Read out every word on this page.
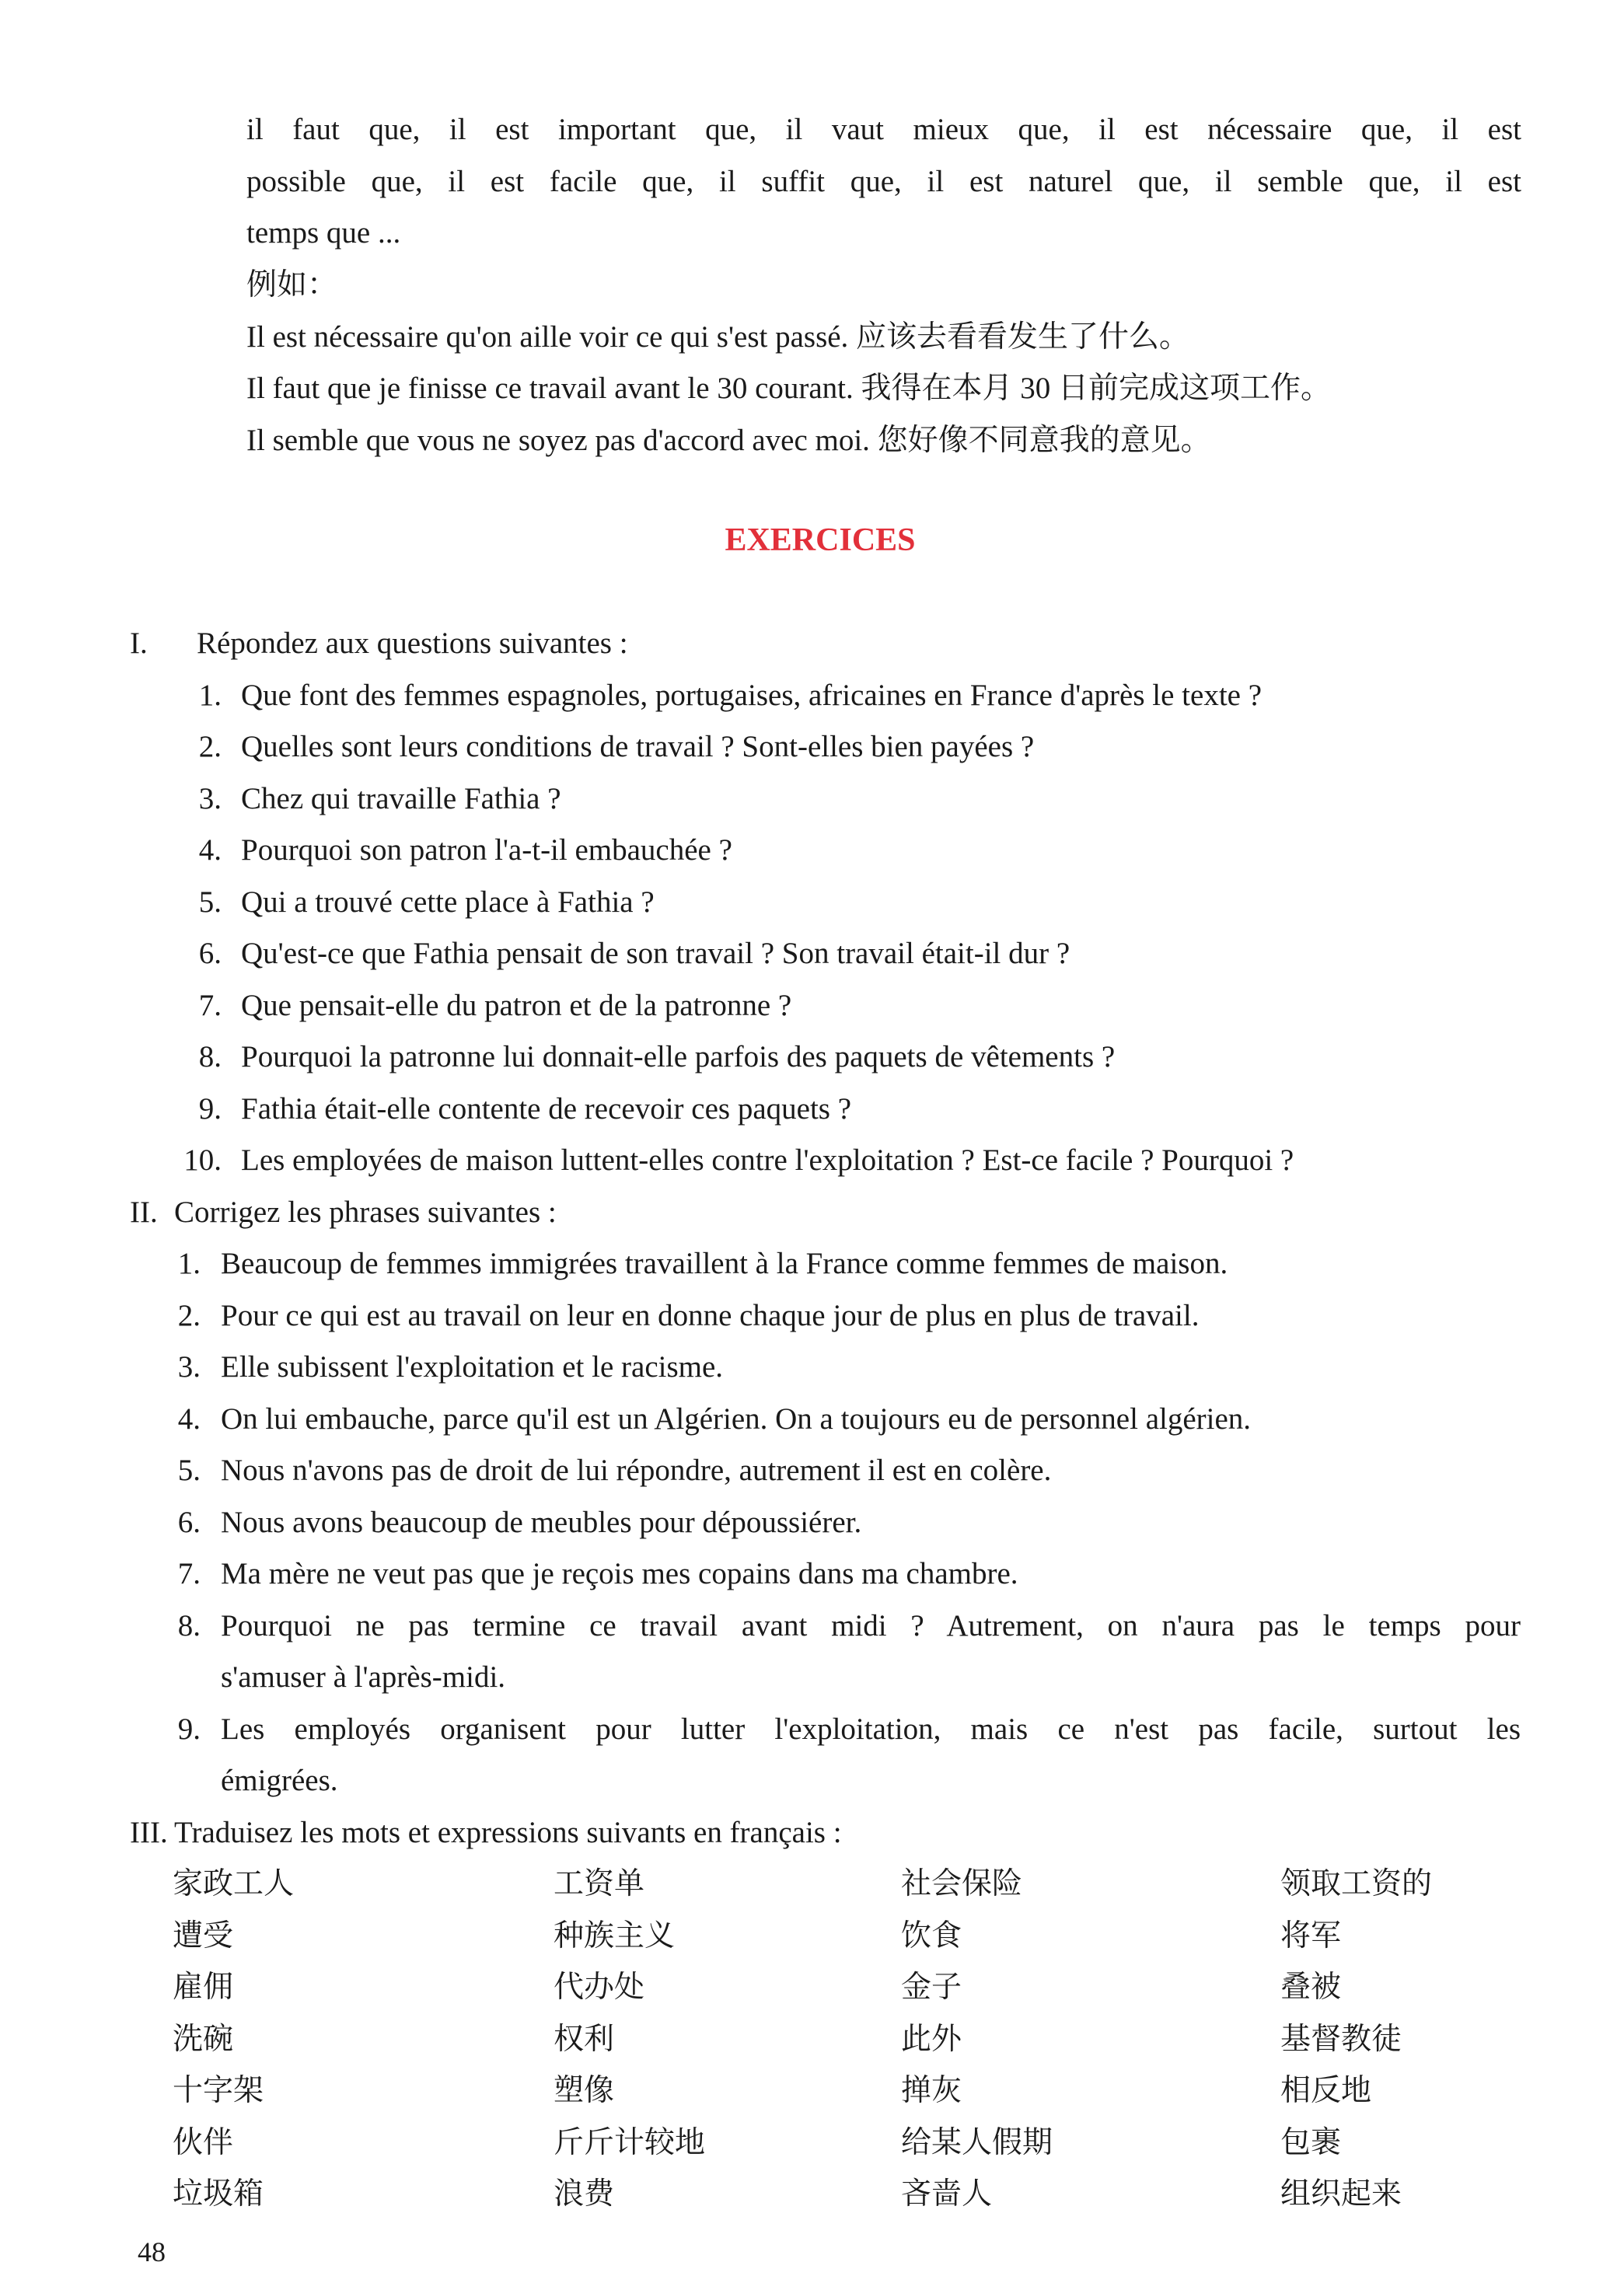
il faut que, il est important que, il vaut mieux que, il est nécessaire que, il est
possible que, il est facile que, il suffit que, il est naturel que, il semble que, il est
temps que ...
例如：
Il est nécessaire qu'on aille voir ce qui s'est passé. 应该去看看发生了什么。
Il faut que je finisse ce travail avant le 30 courant. 我得在本月 30 日前完成这项工作。
Il semble que vous ne soyez pas d'accord avec moi. 您好像不同意我的意见。
EXERCICES
I. Répondez aux questions suivantes :
1. Que font des femmes espagnoles, portugaises, africaines en France d'après le texte ?
2. Quelles sont leurs conditions de travail ? Sont-elles bien payées ?
3. Chez qui travaille Fathia ?
4. Pourquoi son patron l'a-t-il embauchée ?
5. Qui a trouvé cette place à Fathia ?
6. Qu'est-ce que Fathia pensait de son travail ? Son travail était-il dur ?
7. Que pensait-elle du patron et de la patronne ?
8. Pourquoi la patronne lui donnait-elle parfois des paquets de vêtements ?
9. Fathia était-elle contente de recevoir ces paquets ?
10. Les employées de maison luttent-elles contre l'exploitation ? Est-ce facile ? Pourquoi ?
II. Corrigez les phrases suivantes :
1. Beaucoup de femmes immigrées travaillent à la France comme femmes de maison.
2. Pour ce qui est au travail on leur en donne chaque jour de plus en plus de travail.
3. Elle subissent l'exploitation et le racisme.
4. On lui embauche, parce qu'il est un Algérien. On a toujours eu de personnel algérien.
5. Nous n'avons pas de droit de lui répondre, autrement il est en colère.
6. Nous avons beaucoup de meubles pour dépoussiérer.
7. Ma mère ne veut pas que je reçois mes copains dans ma chambre.
8. Pourquoi ne pas termine ce travail avant midi ? Autrement, on n'aura pas le temps pour
s'amuser à l'après-midi.
9. Les employés organisent pour lutter l'exploitation, mais ce n'est pas facile, surtout les
émigrées.
III. Traduisez les mots et expressions suivants en français :
家政工人	工资单	社会保险	领取工资的
遭受	种族主义	饮食	将军
雇佣	代办处	金子	叠被
洗碗	权利	此外	基督教徒
十字架	塑像	掸灰	相反地
伙伴	斤斤计较地	给某人假期	包裹
垃圾箱	浪费	吝啬人	组织起来
48
